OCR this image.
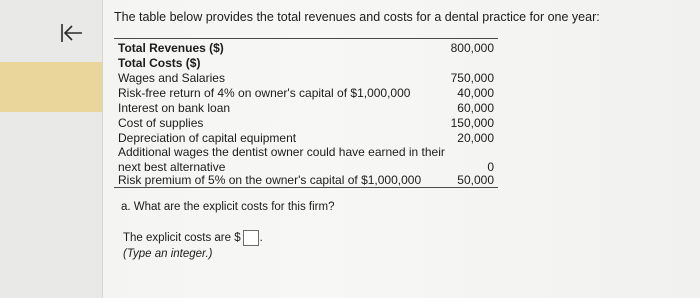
The table below provides the total revenues and costs for a dental practice for one year:
Total Revenues ($)	800,000
Total Costs ($)
Wages and Salaries	750,000
Risk-free return of 4% on owner's capital of $1,000,000	40,000
Interest on bank loan	60,000
Cost of supplies	150,000
Depreciation of capital equipment	20,000
Additional wages the dentist owner could have earned in their
next best alternative	0
Risk premium of 5% on the owner's capital of $1,000,000	50,000
a. What are the explicit costs for this firm?
The explicit costs are $ .
(Type an integer.)
